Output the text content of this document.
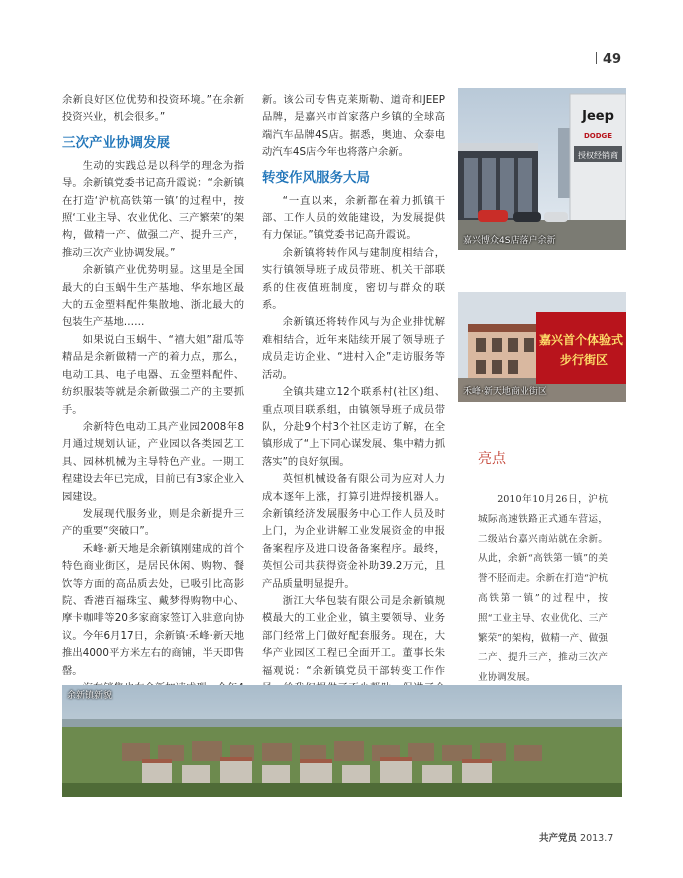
49

余新良好区位优势和投资环境。”在余新投资兴业，机会很多。”

三次产业协调发展

生动的实践总是以科学的理念为指导。余新镇党委书记高升霞说：“余新镇在打造‘沪杭高铁第一镇’的过程中，按照‘工业主导、农业优化、三产繁荣’的架构，做精一产、做强二产、提升三产，推动三次产业协调发展。”

余新镇产业优势明显。这里是全国最大的白玉蜗牛生产基地、华东地区最大的五金塑料配件集散地、浙北最大的包装生产基地……

如果说白玉蜗牛、“禧大姐”甜瓜等精品是余新做精一产的着力点，那么，电动工具、电子电器、五金塑料配件、纺织服装等就是余新做强二产的主要抓手。

余新特色电动工具产业园2008年8月通过规划认证，产业园以各类园艺工具、园林机械为主导特色产业。一期工程建设去年已完成，目前已有3家企业入园建设。

发展现代服务业，则是余新提升三产的重要“突破口”。

禾峰·新天地是余新镇刚建成的首个特色商业街区，是居民休闲、购物、餐饮等方面的高品质去处，已吸引比高影院、香港百福珠宝、戴梦得购物中心、摩卡咖啡等20多家商家签订入驻意向协议。今年6月17日，余新镇·禾峰·新天地推出4000平方米左右的商铺，半天即售罄。

新。该公司专售克莱斯勒、道奇和JEEP品牌，是嘉兴市首家落户乡镇的全球高端汽车品牌4S店。据悉，奥迪、众泰电动汽车4S店今年也将落户余新。

转变作风服务大局

“一直以来，余新都在着力抓镇干部、工作人员的效能建设，为发展提供有力保证。”镇党委书记高升霞说。

余新镇将转作风与建制度相结合，实行镇领导班子成员带班、机关干部联系的住夜值班制度，密切与群众的联系。

余新镇还将转作风与为企业排忧解难相结合，近年来陆续开展了领导班子成员走访企业、“进村入企”走访服务等活动。

全镇共建立12个联系村(社区)组、重点项目联系组，由镇领导班子成员带队，分赴9个村3个社区走访了解，在全镇形成了“上下同心谋发展、集中精力抓落实”的良好氛围。

英恒机械设备有限公司为应对人力成本逐年上涨，打算引进焊接机器人。余新镇经济发展服务中心工作人员及时上门，为企业讲解工业发展资金的申报备案程序及进口设备备案程序。最终，英恒公司共获得资金补助39.2万元，且产品质量明显提升。

浙江大华包装有限公司是余新镇规模最大的工业企业，镇主要领导、业务部门经常上门做好配套服务。现在，大华产业园区工程已全面开工。董事长朱福观说：“余新镇党员干部转变工作作

Jeep
DODGE
授权经销商
嘉兴博众4S店落户余新
嘉兴首个体验式
步行街区
禾峰·新天地商业街区
亮点

2010年10月26日，沪杭城际高速铁路正式通车营运，二级站台嘉兴南站就在余新。从此，余新“高铁第一镇”的美誉不胫而走。余新在打造“沪杭高铁第一镇”的过程中，按照“工业主导、农业优化、三产繁荣”的架构，做精一产、做强二产、提升三产，推动三次产业协调发展。

余新镇新貌
共产党员 2013.7
